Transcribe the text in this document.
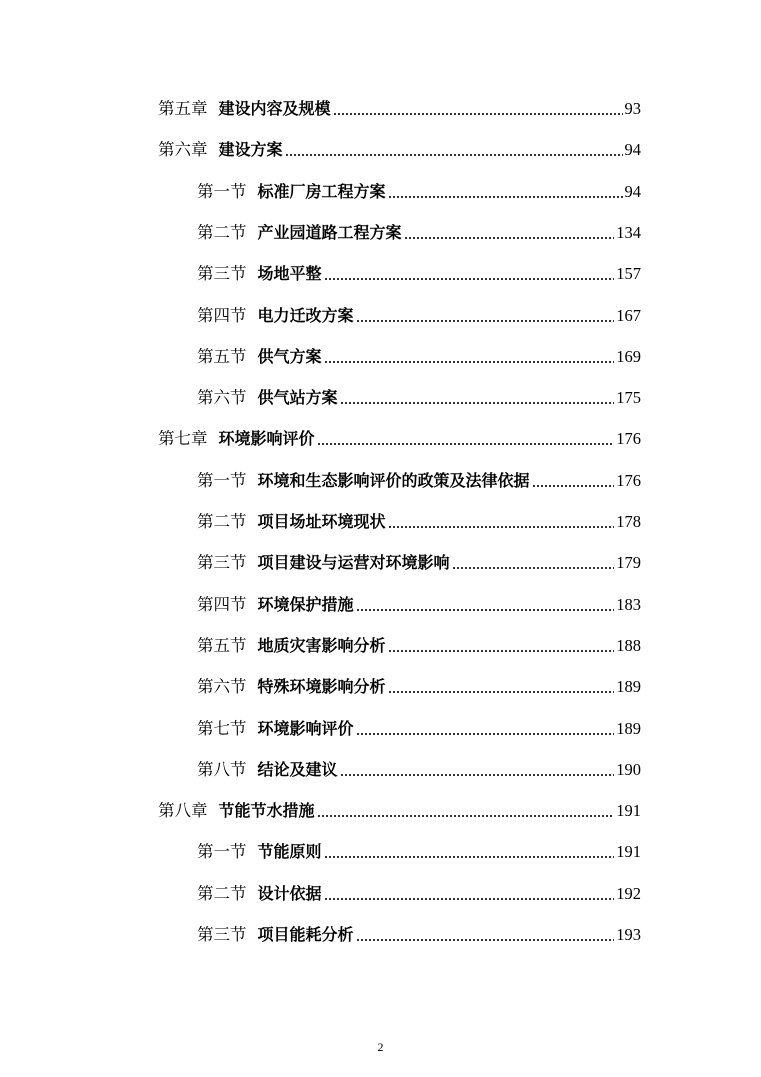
第五章 建设内容及规模	93
第六章 建设方案	94
第一节 标准厂房工程方案	94
第二节 产业园道路工程方案	134
第三节 场地平整	157
第四节 电力迁改方案	167
第五节 供气方案	169
第六节 供气站方案	175
第七章 环境影响评价	176
第一节 环境和生态影响评价的政策及法律依据	176
第二节 项目场址环境现状	178
第三节 项目建设与运营对环境影响	179
第四节 环境保护措施	183
第五节 地质灾害影响分析	188
第六节 特殊环境影响分析	189
第七节 环境影响评价	189
第八节 结论及建议	190
第八章 节能节水措施	191
第一节 节能原则	191
第二节 设计依据	192
第三节 项目能耗分析	193
2
